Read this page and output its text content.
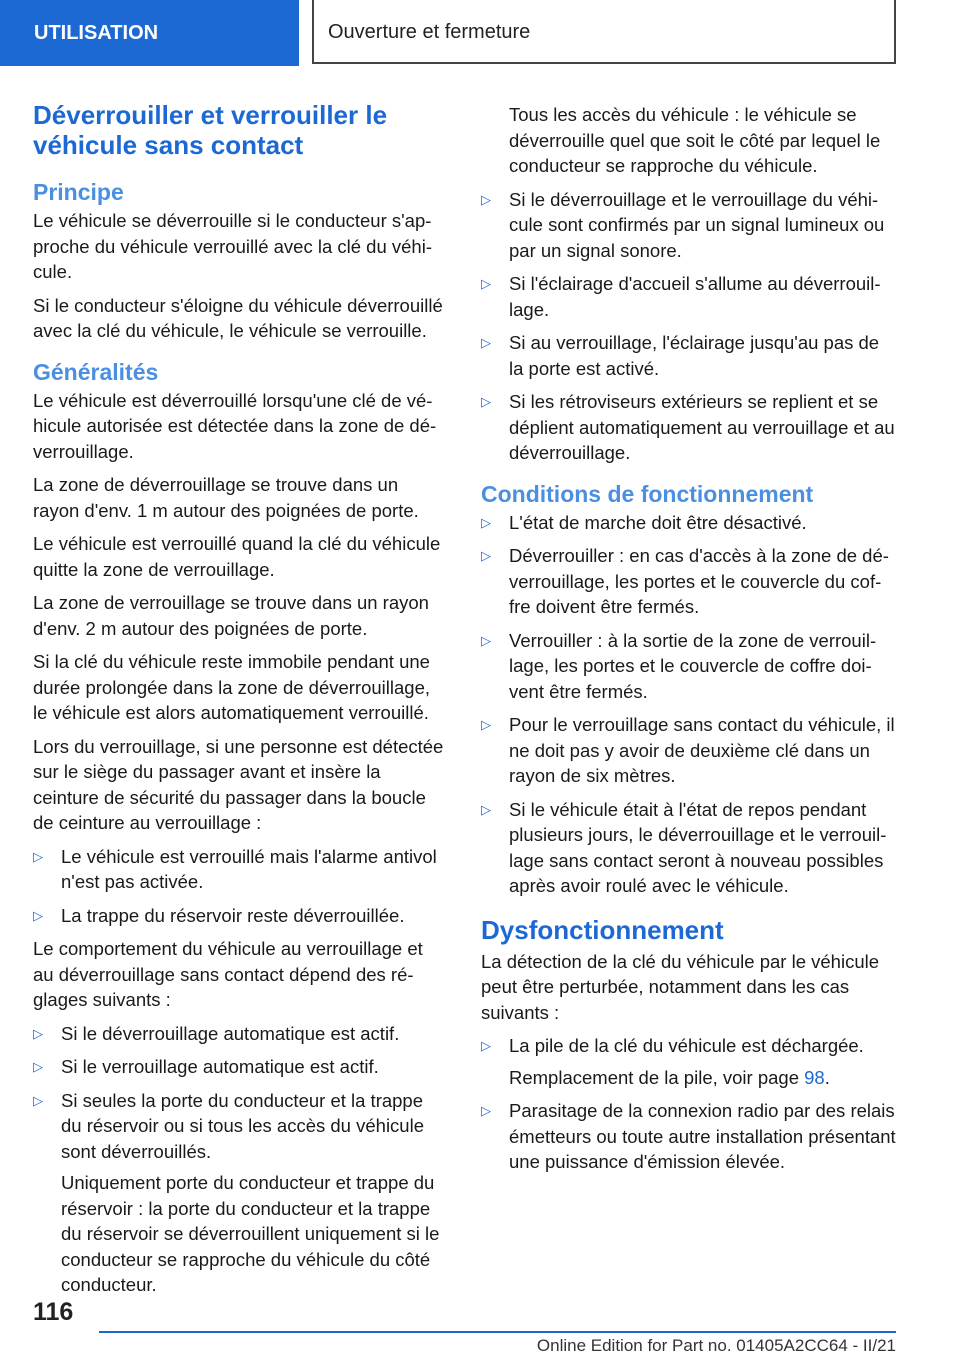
UTILISATION	Ouverture et fermeture
Déverrouiller et verrouiller le véhicule sans contact
Principe

Le véhicule se déverrouille si le conducteur s'approche du véhicule verrouillé avec la clé du véhicule.

Si le conducteur s'éloigne du véhicule déverrouillé avec la clé du véhicule, le véhicule se verrouille.

Généralités

Le véhicule est déverrouillé lorsqu'une clé de véhicule autorisée est détectée dans la zone de déverrouillage.

La zone de déverrouillage se trouve dans un rayon d'env. 1 m autour des poignées de porte.

Le véhicule est verrouillé quand la clé du véhicule quitte la zone de verrouillage.

La zone de verrouillage se trouve dans un rayon d'env. 2 m autour des poignées de porte.

Si la clé du véhicule reste immobile pendant une durée prolongée dans la zone de déverrouillage, le véhicule est alors automatiquement verrouillé.

Lors du verrouillage, si une personne est détectée sur le siège du passager avant et insère la ceinture de sécurité du passager dans la boucle de ceinture au verrouillage :

▷ Le véhicule est verrouillé mais l'alarme antivol n'est pas activée.

▷ La trappe du réservoir reste déverrouillée.

Le comportement du véhicule au verrouillage et au déverrouillage sans contact dépend des réglages suivants :

▷ Si le déverrouillage automatique est actif.

▷ Si le verrouillage automatique est actif.

▷ Si seules la porte du conducteur et la trappe du réservoir ou si tous les accès du véhicule sont déverrouillés.

Uniquement porte du conducteur et trappe du réservoir : la porte du conducteur et la trappe du réservoir se déverrouillent uniquement si le conducteur se rapproche du véhicule du côté conducteur.

Tous les accès du véhicule : le véhicule se déverrouille quel que soit le côté par lequel le conducteur se rapproche du véhicule.

▷ Si le déverrouillage et le verrouillage du véhicule sont confirmés par un signal lumineux ou par un signal sonore.

▷ Si l'éclairage d'accueil s'allume au déverrouillage.

▷ Si au verrouillage, l'éclairage jusqu'au pas de la porte est activé.

▷ Si les rétroviseurs extérieurs se replient et se déplient automatiquement au verrouillage et au déverrouillage.

Conditions de fonctionnement
▷ L'état de marche doit être désactivé.

▷ Déverrouiller : en cas d'accès à la zone de déverrouillage, les portes et le couvercle du coffre doivent être fermés.

▷ Verrouiller : à la sortie de la zone de verrouillage, les portes et le couvercle de coffre doivent être fermés.

▷ Pour le verrouillage sans contact du véhicule, il ne doit pas y avoir de deuxième clé dans un rayon de six mètres.

▷ Si le véhicule était à l'état de repos pendant plusieurs jours, le déverrouillage et le verrouillage sans contact seront à nouveau possibles après avoir roulé avec le véhicule.

Dysfonctionnement

La détection de la clé du véhicule par le véhicule peut être perturbée, notamment dans les cas suivants :

▷ La pile de la clé du véhicule est déchargée.

Remplacement de la pile, voir page 98.

▷ Parasitage de la connexion radio par des relais émetteurs ou toute autre installation présentant une puissance d'émission élevée.

116
Online Edition for Part no. 01405A2CC64 - II/21
